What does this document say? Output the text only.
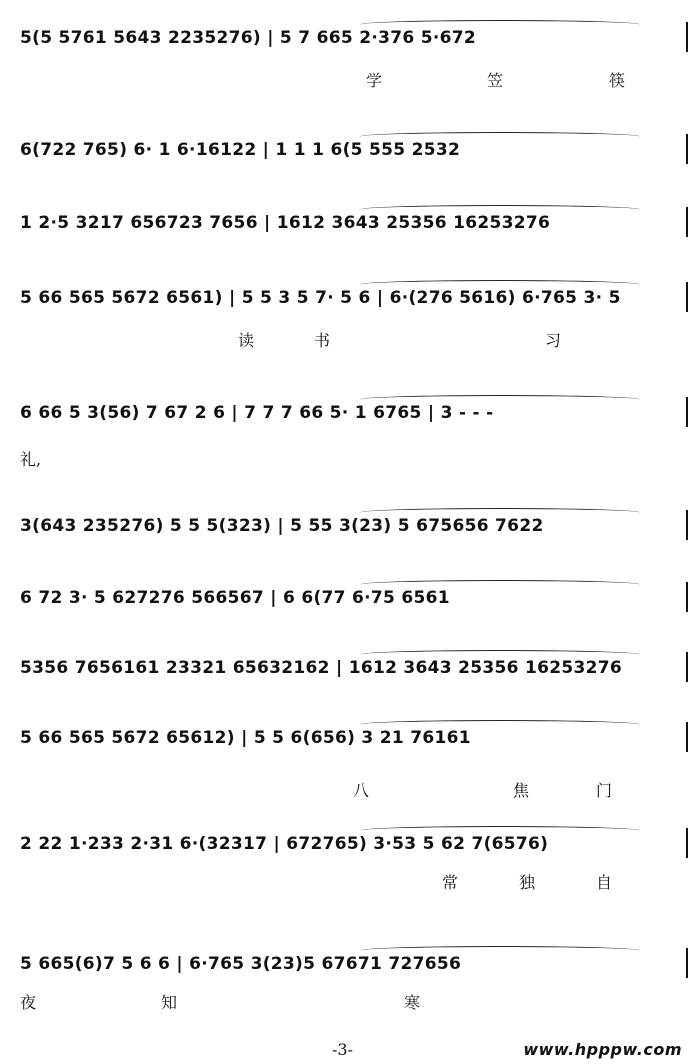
5(5 5761 5643 2235276) | 5 7 665 2·376 5·672
学	笠	筷
6(722 765) 6· 1 6·16122 | 1 1 1 6(5 555 2532
1 2·5 3217 656723 7656 | 1612 3643 25356 16253276
5 66 565 5672 6561) | 5 5 3 5 7· 5 6 | 6·(276 5616) 6·765 3· 5
读	书	习
6 66 5 3(56) 7 67 2 6 | 7 7 7 66 5· 1 6765 | 3 - - -
礼,
3(643 235276) 5 5 5(323) | 5 55 3(23) 5 675656 7622
6 72 3· 5 627276 566567 | 6 6(77 6·75 6561
5356 7656161 23321 65632162 | 1612 3643 25356 16253276
5 66 565 5672 65612) | 5 5 6(656) 3 21 76161
八	焦	门
2 22 1·233 2·31 6·(32317 | 672765) 3·53 5 62 7(6576)
常	独	自
5 665(6)7 5 6 6 | 6·765 3(23)5 67671 727656
夜	知	寒
-3-	www.hpppw.com
